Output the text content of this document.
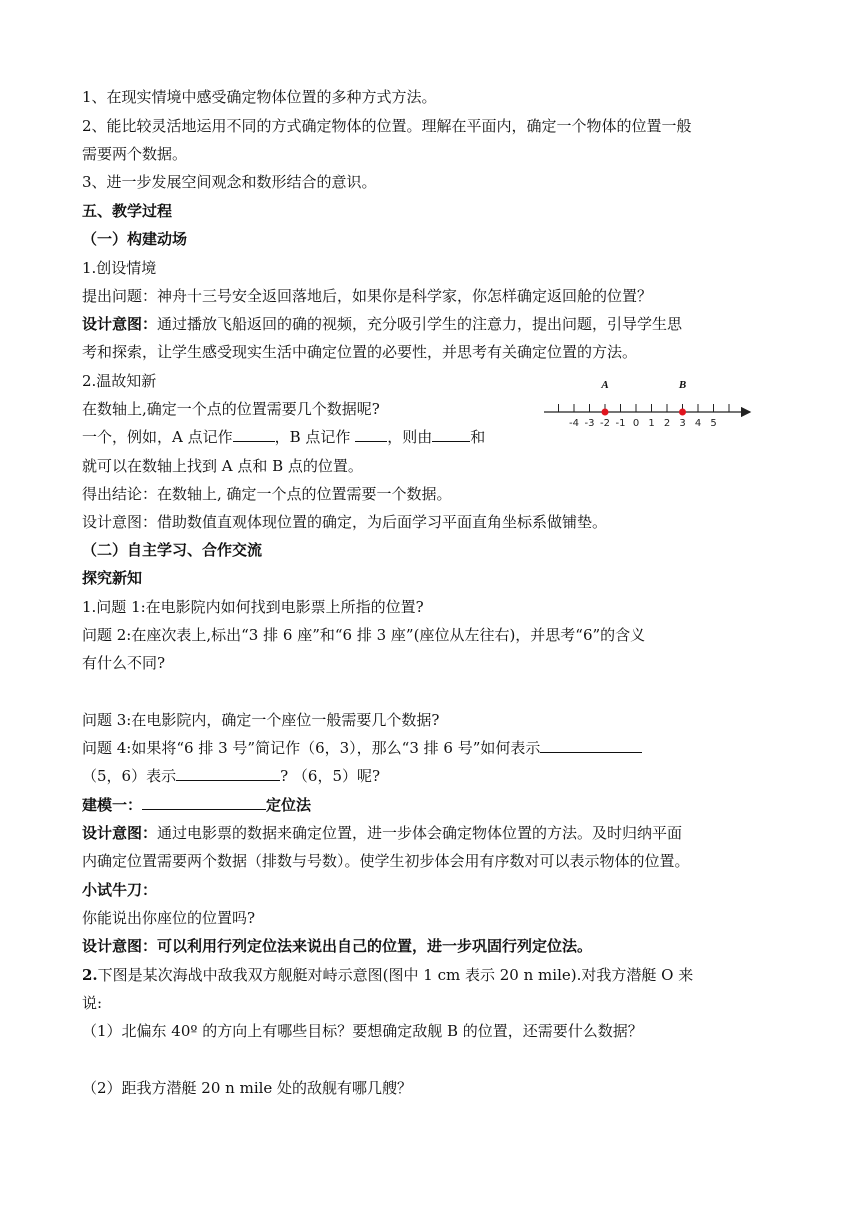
1、在现实情境中感受确定物体位置的多种方式方法。
2、能比较灵活地运用不同的方式确定物体的位置。理解在平面内，确定一个物体的位置一般
需要两个数据。
3、进一步发展空间观念和数形结合的意识。
五、教学过程
（一）构建动场
1.创设情境
提出问题：神舟十三号安全返回落地后，如果你是科学家，你怎样确定返回舱的位置？
设计意图：通过播放飞船返回的确的视频，充分吸引学生的注意力，提出问题，引导学生思
考和探索，让学生感受现实生活中确定位置的必要性，并思考有关确定位置的方法。
2.温故知新
在数轴上,确定一个点的位置需要几个数据呢?
一个，例如，A 点记作	，B 点记作 ，则由	和
就可以在数轴上找到 A 点和 B 点的位置。
得出结论：在数轴上, 确定一个点的位置需要一个数据。
设计意图：借助数值直观体现位置的确定，为后面学习平面直角坐标系做铺垫。
-4 -3 -2 -1 0 1 2 3 4 5
A	B
（二）自主学习、合作交流
探究新知
1.问题 1:在电影院内如何找到电影票上所指的位置?
问题 2:在座次表上,标出“3 排 6 座”和“6 排 3 座”(座位从左往右)，并思考“6”的含义
有什么不同?
问题 3:在电影院内，确定一个座位一般需要几个数据?
问题 4:如果将“6 排 3 号”简记作（6，3），那么“3 排 6 号”如何表示
（5，6）表示	? （6，5）呢?
建模一：	定位法
设计意图：通过电影票的数据来确定位置，进一步体会确定物体位置的方法。及时归纳平面
内确定位置需要两个数据（排数与号数）。使学生初步体会用有序数对可以表示物体的位置。
小试牛刀：
你能说出你座位的位置吗?
设计意图：可以利用行列定位法来说出自己的位置，进一步巩固行列定位法。
2.下图是某次海战中敌我双方舰艇对峙示意图(图中 1 cm 表示 20 n mile).对我方潜艇 O 来
说:
（1）北偏东 40º 的方向上有哪些目标？要想确定敌舰 B 的位置，还需要什么数据？
（2）距我方潜艇 20 n mile 处的敌舰有哪几艘？
